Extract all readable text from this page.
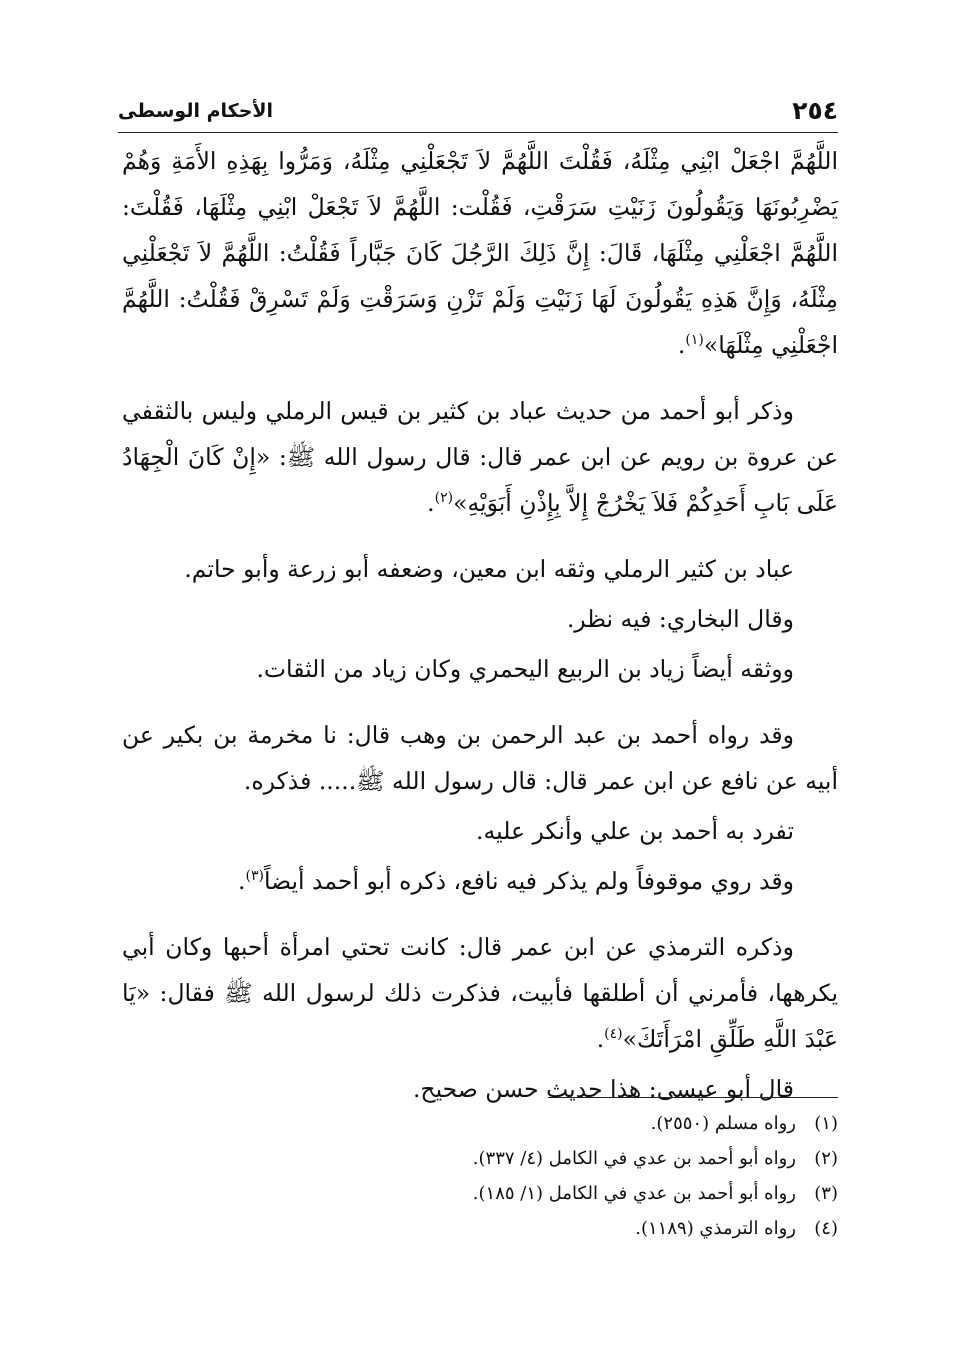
٢٥٤
الأحكام الوسطى

اللَّهُمَّ اجْعَلْ ابْنِي مِثْلَهُ، فَقُلْتَ اللَّهُمَّ لاَ تَجْعَلْنِي مِثْلَهُ، وَمَرُّوا بِهَذِهِ الأَمَةِ وَهُمْ يَضْرِبُونَهَا وَيَقُولُونَ زَنَيْتِ سَرَقْتِ، فَقُلْت: اللَّهُمَّ لاَ تَجْعَلْ ابْنِي مِثْلَهَا، فَقُلْتَ: اللَّهُمَّ اجْعَلْنِي مِثْلَهَا، قَالَ: إِنَّ ذَلِكَ الرَّجُلَ كَانَ جَبَّاراً فَقُلْتُ: اللَّهُمَّ لاَ تَجْعَلْنِي مِثْلَهُ، وَإِنَّ هَذِهِ يَقُولُونَ لَهَا زَنَيْتِ وَلَمْ تَزْنِ وَسَرَقْتِ وَلَمْ تَسْرِقْ فَقُلْتُ: اللَّهُمَّ اجْعَلْنِي مِثْلَهَا»$^{(١)}$.

وذكر أبو أحمد من حديث عباد بن كثير بن قيس الرملي وليس بالثقفي عن عروة بن رويم عن ابن عمر قال: قال رسول الله ﷺ: «إِنْ كَانَ الْجِهَادُ عَلَى بَابِ أَحَدِكُمْ فَلاَ يَخْرُجْ إِلاَّ بِإِذْنِ أَبَوَيْهِ»$^{(٢)}$.

عباد بن كثير الرملي وثقه ابن معين، وضعفه أبو زرعة وأبو حاتم.

وقال البخاري: فيه نظر.

ووثقه أيضاً زياد بن الربيع اليحمري وكان زياد من الثقات.

وقد رواه أحمد بن عبد الرحمن بن وهب قال: نا مخرمة بن بكير عن أبيه عن نافع عن ابن عمر قال: قال رسول الله ﷺ..... فذكره.

تفرد به أحمد بن علي وأنكر عليه.

وقد روي موقوفاً ولم يذكر فيه نافع، ذكره أبو أحمد أيضاً$^{(٣)}$.

وذكره الترمذي عن ابن عمر قال: كانت تحتي امرأة أحبها وكان أبي يكرهها، فأمرني أن أطلقها فأبيت، فذكرت ذلك لرسول الله ﷺ فقال: «يَا عَبْدَ اللَّهِ طَلِّقِ امْرَأَتَكَ»$^{(٤)}$.

قال أبو عيسى: هذا حديث حسن صحيح.

(١)
رواه مسلم (٢٥٥٠).
(٢)
رواه أبو أحمد بن عدي في الكامل (٤/ ٣٣٧).
(٣)
رواه أبو أحمد بن عدي في الكامل (١/ ١٨٥).
(٤)
رواه الترمذي (١١٨٩).
